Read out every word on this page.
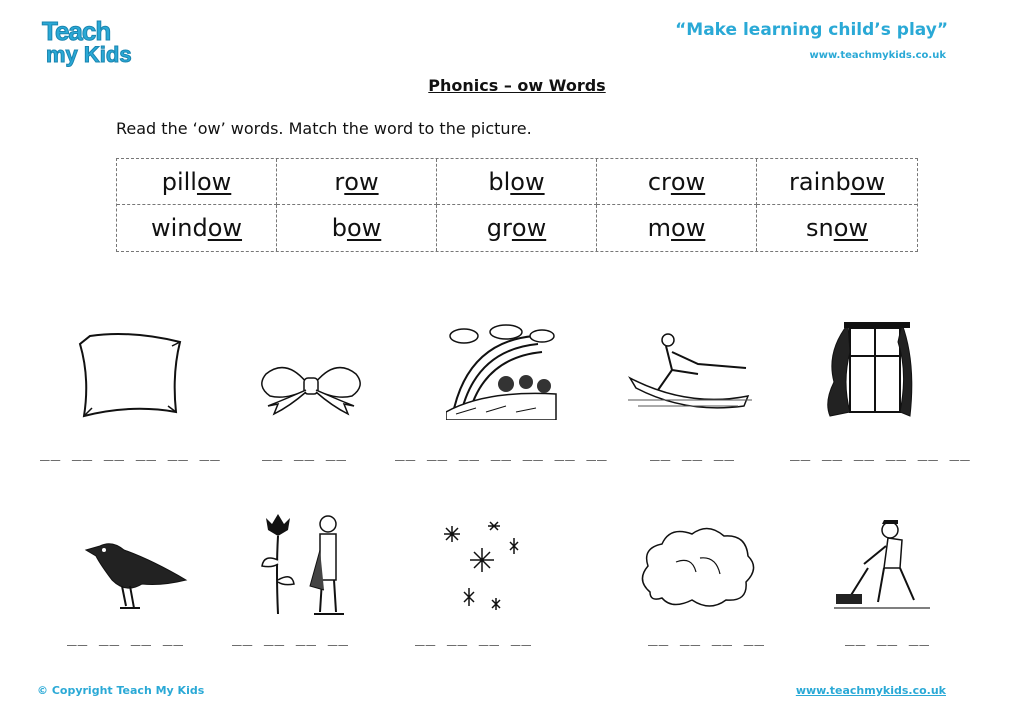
Teach
my Kids
“Make learning child’s play”
www.teachmykids.co.uk
Phonics – ow Words
Read the ‘ow’ words. Match the word to the picture.
pill ow	r ow	bl ow	cr ow	rainb ow
wind ow	b ow	gr ow	m ow	sn ow
__ __ __ __ __ __	__ __ __	__ __ __ __ __ __ __	__ __ __	__ __ __ __ __ __
__ __ __ __	__ __ __ __	__ __ __ __	__ __ __ __	__ __ __
© Copyright Teach My Kids	www.teachmykids.co.uk
